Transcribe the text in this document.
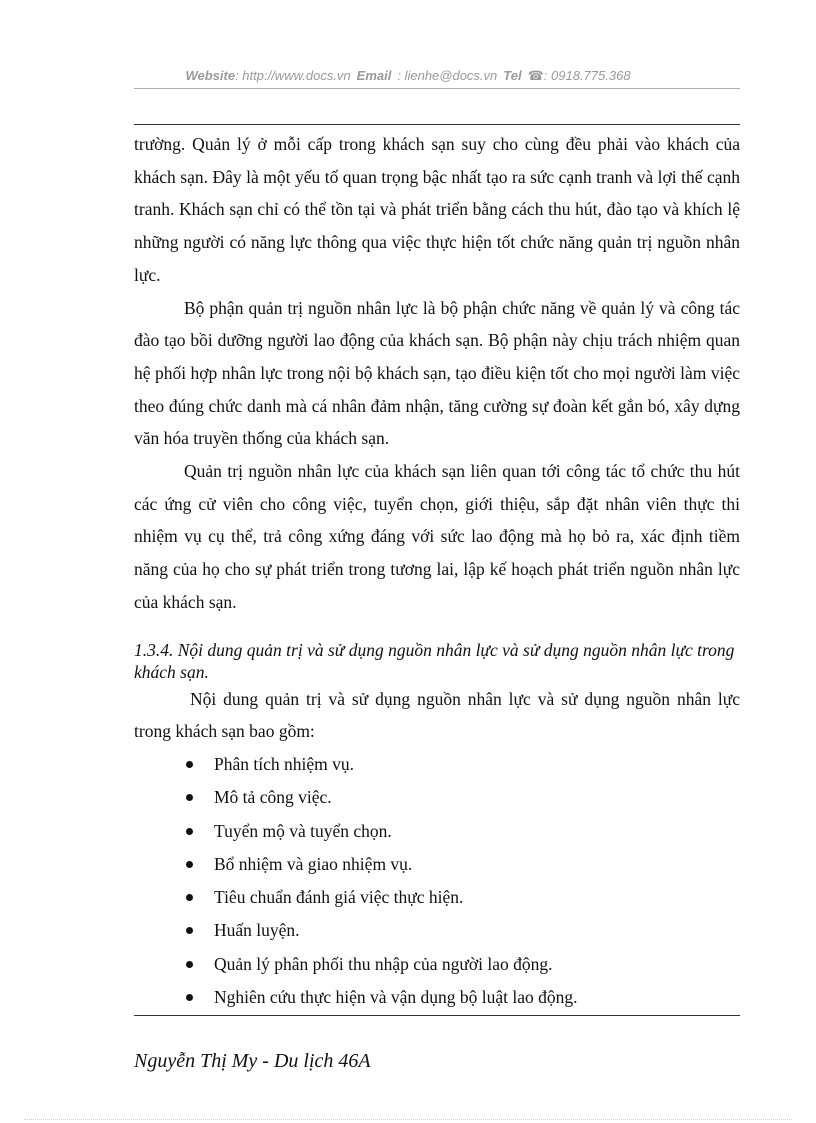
Website: http://www.docs.vn Email : lienhe@docs.vn Tel ☎: 0918.775.368

trường. Quản lý ở mỗi cấp trong khách sạn suy cho cùng đều phải vào khách của khách sạn. Đây là một yếu tố quan trọng bậc nhất tạo ra sức cạnh tranh và lợi thế cạnh tranh. Khách sạn chỉ có thể tồn tại và phát triển bằng cách thu hút, đào tạo và khích lệ những người có năng lực thông qua việc thực hiện tốt chức năng quản trị nguồn nhân lực.

Bộ phận quản trị nguồn nhân lực là bộ phận chức năng về quản lý và công tác đào tạo bồi dưỡng người lao động của khách sạn. Bộ phận này chịu trách nhiệm quan hệ phối hợp nhân lực trong nội bộ khách sạn, tạo điều kiện tốt cho mọi người làm việc theo đúng chức danh mà cá nhân đảm nhận, tăng cường sự đoàn kết gắn bó, xây dựng văn hóa truyền thống của khách sạn.

Quản trị nguồn nhân lực của khách sạn liên quan tới công tác tổ chức thu hút các ứng cử viên cho công việc, tuyển chọn, giới thiệu, sắp đặt nhân viên thực thi nhiệm vụ cụ thể, trả công xứng đáng với sức lao động mà họ bỏ ra, xác định tiềm năng của họ cho sự phát triển trong tương lai, lập kế hoạch phát triển nguồn nhân lực của khách sạn.

1.3.4. Nội dung quản trị và sử dụng nguồn nhân lực và sử dụng nguồn nhân lực trong khách sạn.

Nội dung quản trị và sử dụng nguồn nhân lực và sử dụng nguồn nhân lực trong khách sạn bao gồm:

Phân tích nhiệm vụ.
Mô tả công việc.
Tuyển mộ và tuyển chọn.
Bổ nhiệm và giao nhiệm vụ.
Tiêu chuẩn đánh giá việc thực hiện.
Huấn luyện.
Quản lý phân phối thu nhập của người lao động.
Nghiên cứu thực hiện và vận dụng bộ luật lao động.
Nguyễn Thị My - Du lịch 46A
